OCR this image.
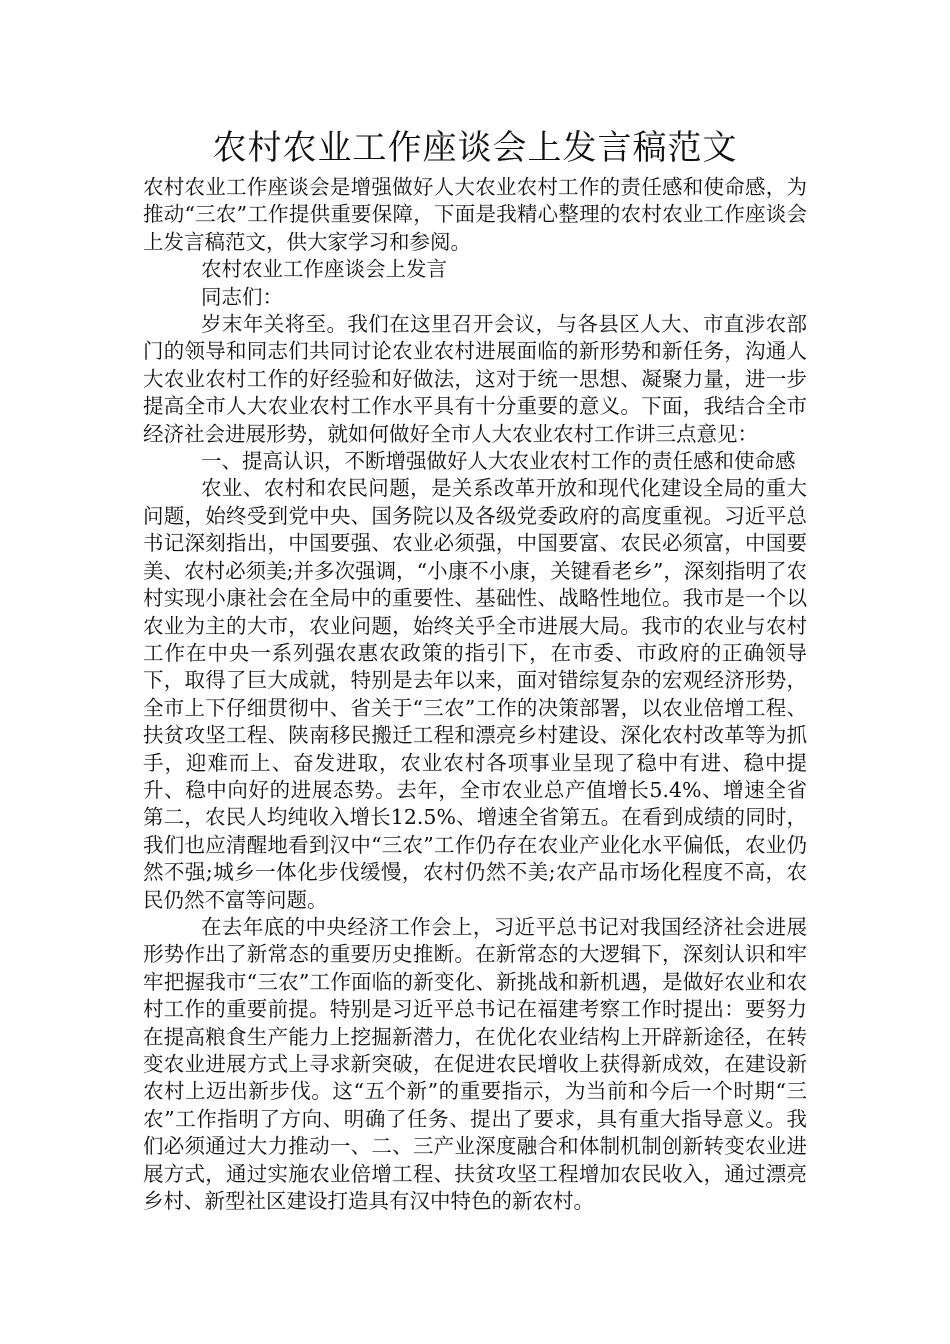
农村农业工作座谈会上发言稿范文

农村农业工作座谈会是增强做好人大农业农村工作的责任感和使命感，为推动“三农”工作提供重要保障，下面是我精心整理的农村农业工作座谈会上发言稿范文，供大家学习和参阅。

农村农业工作座谈会上发言

同志们：

岁末年关将至。我们在这里召开会议，与各县区人大、市直涉农部门的领导和同志们共同讨论农业农村进展面临的新形势和新任务，沟通人大农业农村工作的好经验和好做法，这对于统一思想、凝聚力量，进一步提高全市人大农业农村工作水平具有十分重要的意义。下面，我结合全市经济社会进展形势，就如何做好全市人大农业农村工作讲三点意见：

一、提高认识，不断增强做好人大农业农村工作的责任感和使命感

农业、农村和农民问题，是关系改革开放和现代化建设全局的重大问题，始终受到党中央、国务院以及各级党委政府的高度重视。习近平总书记深刻指出，中国要强、农业必须强，中国要富、农民必须富，中国要美、农村必须美;并多次强调，“小康不小康，关键看老乡”，深刻指明了农村实现小康社会在全局中的重要性、基础性、战略性地位。我市是一个以农业为主的大市，农业问题，始终关乎全市进展大局。我市的农业与农村工作在中央一系列强农惠农政策的指引下，在市委、市政府的正确领导下，取得了巨大成就，特别是去年以来，面对错综复杂的宏观经济形势，全市上下仔细贯彻中、省关于“三农”工作的决策部署，以农业倍增工程、扶贫攻坚工程、陕南移民搬迁工程和漂亮乡村建设、深化农村改革等为抓手，迎难而上、奋发进取，农业农村各项事业呈现了稳中有进、稳中提升、稳中向好的进展态势。去年，全市农业总产值增长5.4%、增速全省第二，农民人均纯收入增长12.5%、增速全省第五。在看到成绩的同时，我们也应清醒地看到汉中“三农”工作仍存在农业产业化水平偏低，农业仍然不强;城乡一体化步伐缓慢，农村仍然不美;农产品市场化程度不高，农民仍然不富等问题。

在去年底的中央经济工作会上，习近平总书记对我国经济社会进展形势作出了新常态的重要历史推断。在新常态的大逻辑下，深刻认识和牢牢把握我市“三农”工作面临的新变化、新挑战和新机遇，是做好农业和农村工作的重要前提。特别是习近平总书记在福建考察工作时提出：要努力在提高粮食生产能力上挖掘新潜力，在优化农业结构上开辟新途径，在转变农业进展方式上寻求新突破，在促进农民增收上获得新成效，在建设新农村上迈出新步伐。这“五个新”的重要指示，为当前和今后一个时期“三农”工作指明了方向、明确了任务、提出了要求，具有重大指导意义。我们必须通过大力推动一、二、三产业深度融合和体制机制创新转变农业进展方式，通过实施农业倍增工程、扶贫攻坚工程增加农民收入，通过漂亮乡村、新型社区建设打造具有汉中特色的新农村。
